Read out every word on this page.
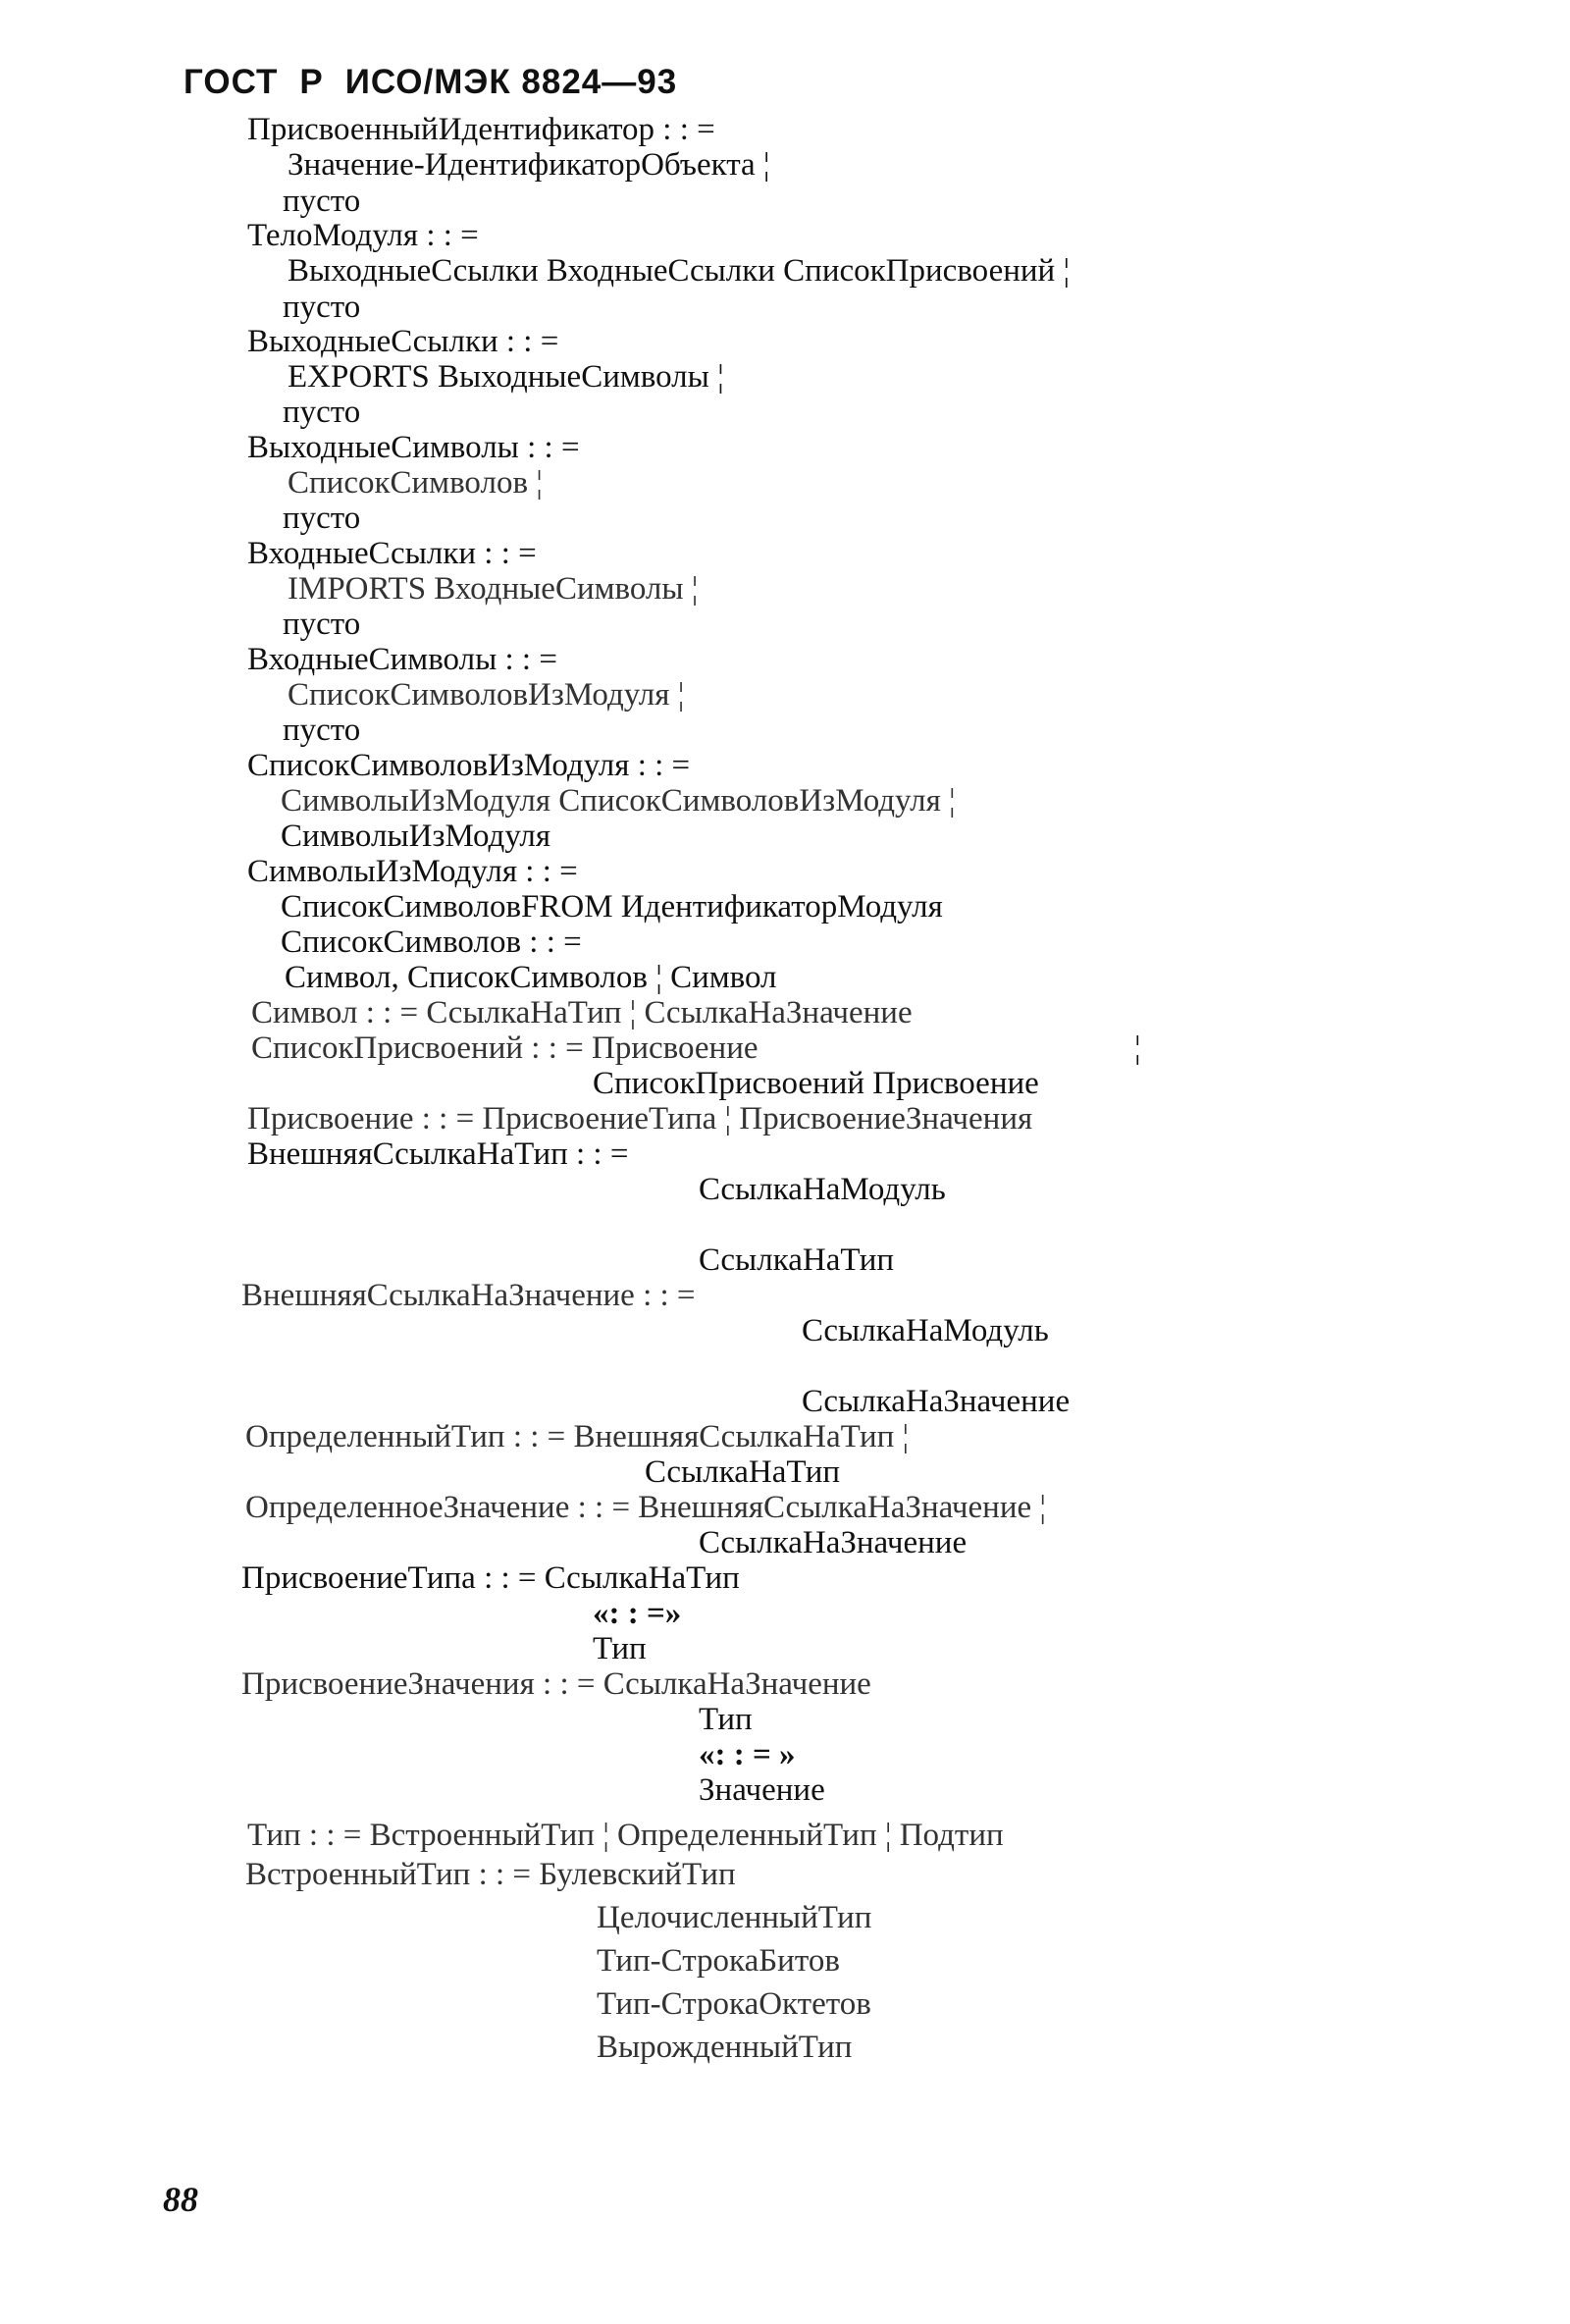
ГОСТ Р ИСО/МЭК 8824—93
ПрисвоенныйИдентификатор : : =
Значение-ИдентификаторОбъекта ¦
пусто
ТелоМодуля : : =
ВыходныеСсылки ВходныеСсылки СписокПрисвоений ¦
пусто
ВыходныеСсылки : : =
EXPORTS ВыходныеСимволы ¦
пусто
ВыходныеСимволы : : =
СписокСимволов ¦
пусто
ВходныеСсылки : : =
IMPORTS ВходныеСимволы ¦
пусто
ВходныеСимволы : : =
СписокСимволовИзМодуля ¦
пусто
СписокСимволовИзМодуля : : =
СимволыИзМодуля СписокСимволовИзМодуля ¦
СимволыИзМодуля
СимволыИзМодуля : : =
СписокСимволовFROM ИдентификаторМодуля
СписокСимволов : : =
Символ, СписокСимволов ¦ Символ
Символ : : = СсылкаНаТип ¦ СсылкаНаЗначение
СписокПрисвоений : : = Присвоение	¦
СписокПрисвоений Присвоение
Присвоение : : = ПрисвоениеТипа ¦ ПрисвоениеЗначения
ВнешняяСсылкаНаТип : : =
СсылкаНаМодуль
СсылкаНаТип
ВнешняяСсылкаНаЗначение : : =
СсылкаНаМодуль
СсылкаНаЗначение
ОпределенныйТип : : = ВнешняяСсылкаНаТип ¦
СсылкаНаТип
ОпределенноеЗначение : : = ВнешняяСсылкаНаЗначение ¦
СсылкаНаЗначение
ПрисвоениеТипа : : = СсылкаНаТип
«: : =»
Тип
ПрисвоениеЗначения : : = СсылкаНаЗначение
Тип
«: : = »
Значение
Тип : : = ВстроенныйТип ¦ ОпределенныйТип ¦ Подтип
ВстроенныйТип : : = БулевскийТип
ЦелочисленныйТип
Тип-СтрокаБитов
Тип-СтрокаОктетов
ВырожденныйТип
88
